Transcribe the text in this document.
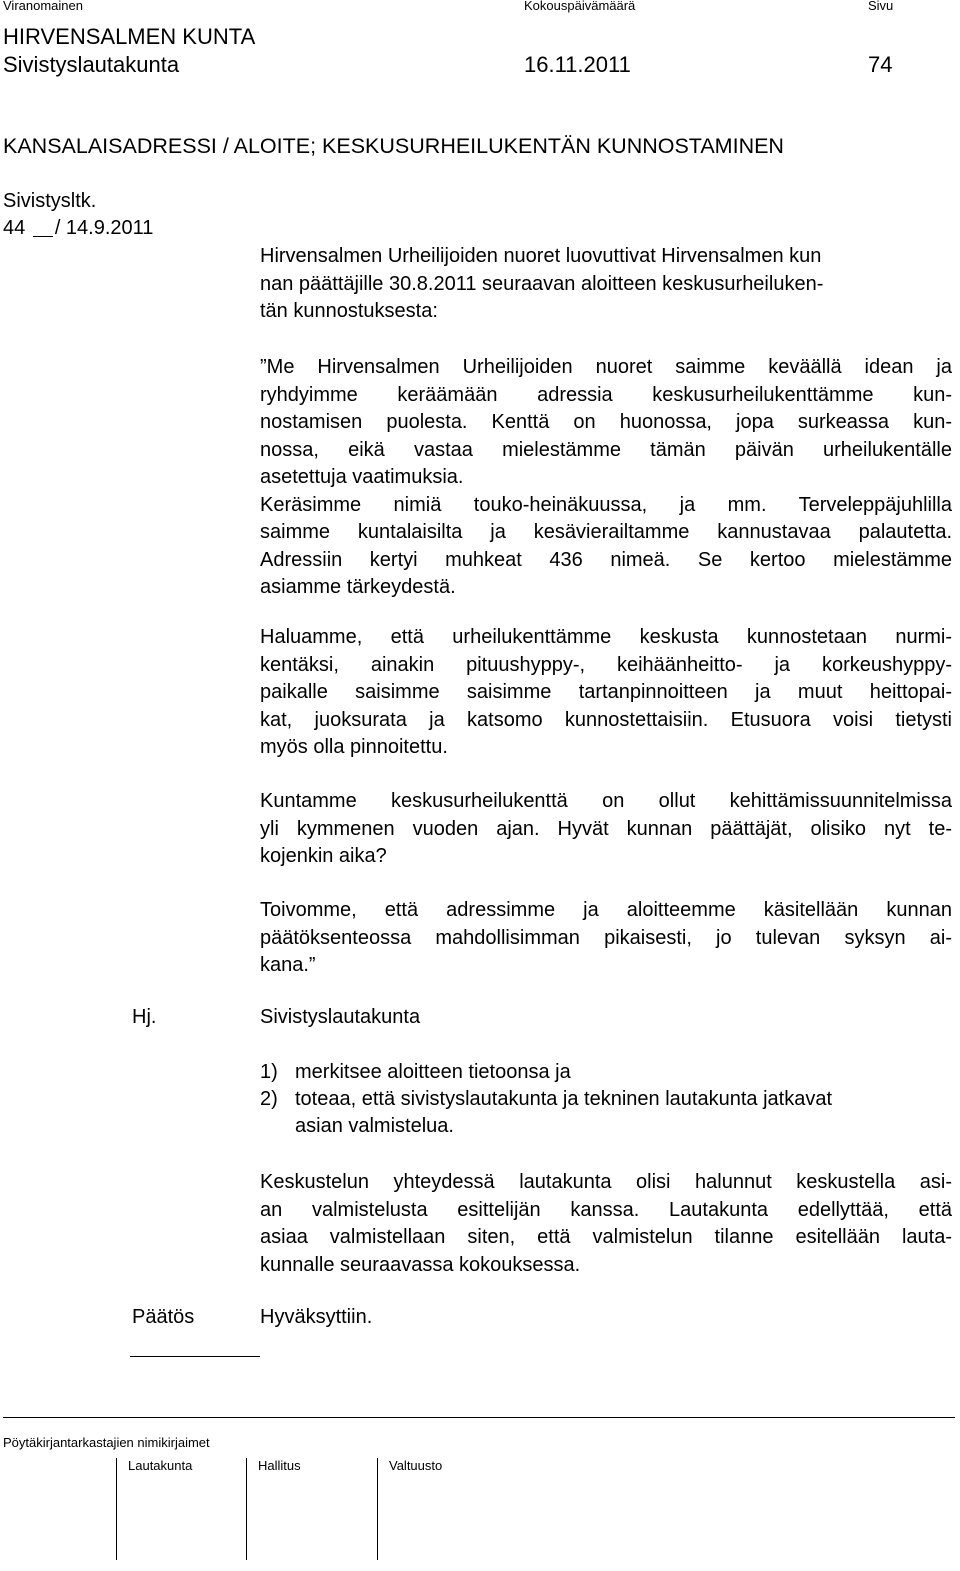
Viranomainen	Kokouspäivämäärä	Sivu
HIRVENSALMEN KUNTA
Sivistyslautakunta	16.11.2011	74
KANSALAISADRESSI / ALOITE; KESKUSURHEILUKENTÄN KUNNOSTAMINEN
Sivistysltk.
44 / 14.9.2011
Hirvensalmen Urheilijoiden nuoret luovuttivat Hirvensalmen kun
nan päättäjille 30.8.2011 seuraavan aloitteen keskusurheiluken-
tän kunnostuksesta:
”Me Hirvensalmen Urheilijoiden nuoret saimme keväällä idean ja
ryhdyimme keräämään adressia keskusurheilukenttämme kun-
nostamisen puolesta. Kenttä on huonossa, jopa surkeassa kun-
nossa, eikä vastaa mielestämme tämän päivän urheilukentälle
asetettuja vaatimuksia.
Keräsimme nimiä touko-heinäkuussa, ja mm. Terveleppäjuhlilla
saimme kuntalaisilta ja kesävierailtamme kannustavaa palautetta.
Adressiin kertyi muhkeat 436 nimeä. Se kertoo mielestämme
asiamme tärkeydestä.
Haluamme, että urheilukenttämme keskusta kunnostetaan nurmi-
kentäksi, ainakin pituushyppy-, keihäänheitto- ja korkeushyppy-
paikalle saisimme saisimme tartanpinnoitteen ja muut heittopai-
kat, juoksurata ja katsomo kunnostettaisiin. Etusuora voisi tietysti
myös olla pinnoitettu.
Kuntamme keskusurheilukenttä on ollut kehittämissuunnitelmissa
yli kymmenen vuoden ajan. Hyvät kunnan päättäjät, olisiko nyt te-
kojenkin aika?
Toivomme, että adressimme ja aloitteemme käsitellään kunnan
päätöksenteossa mahdollisimman pikaisesti, jo tulevan syksyn ai-
kana.”
Hj.	Sivistyslautakunta
1) merkitsee aloitteen tietoonsa ja
2) toteaa, että sivistyslautakunta ja tekninen lautakunta jatkavat
asian valmistelua.
Keskustelun yhteydessä lautakunta olisi halunnut keskustella asi-
an valmistelusta esittelijän kanssa. Lautakunta edellyttää, että
asiaa valmistellaan siten, että valmistelun tilanne esitellään lauta-
kunnalle seuraavassa kokouksessa.
Päätös	Hyväksyttiin.
Pöytäkirjantarkastajien nimikirjaimet
Lautakunta	Hallitus	Valtuusto
